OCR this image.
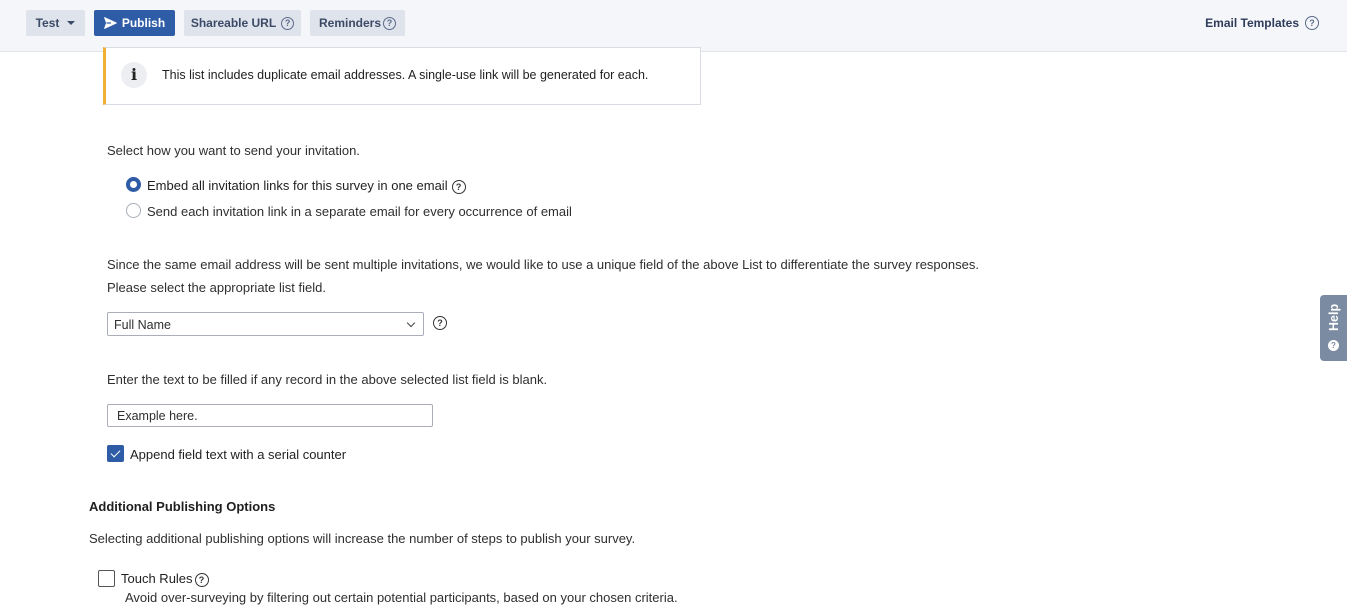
Test	Publish Shareable URL ?	Reminders ?	Email Templates	?
i	This list includes duplicate email addresses. A single-use link will be generated for each.
Select how you want to send your invitation.
Embed all invitation links for this survey in one email ?
Send each invitation link in a separate email for every occurrence of email
Since the same email address will be sent multiple invitations, we would like to use a unique field of the above List to differentiate the survey responses.
Please select the appropriate list field.
Full Name	?
Enter the text to be filled if any record in the above selected list field is blank.
Example here.
Append field text with a serial counter
Additional Publishing Options
Selecting additional publishing options will increase the number of steps to publish your survey.
Touch Rules ?
Avoid over-surveying by filtering out certain potential participants, based on your chosen criteria.
Help
?
